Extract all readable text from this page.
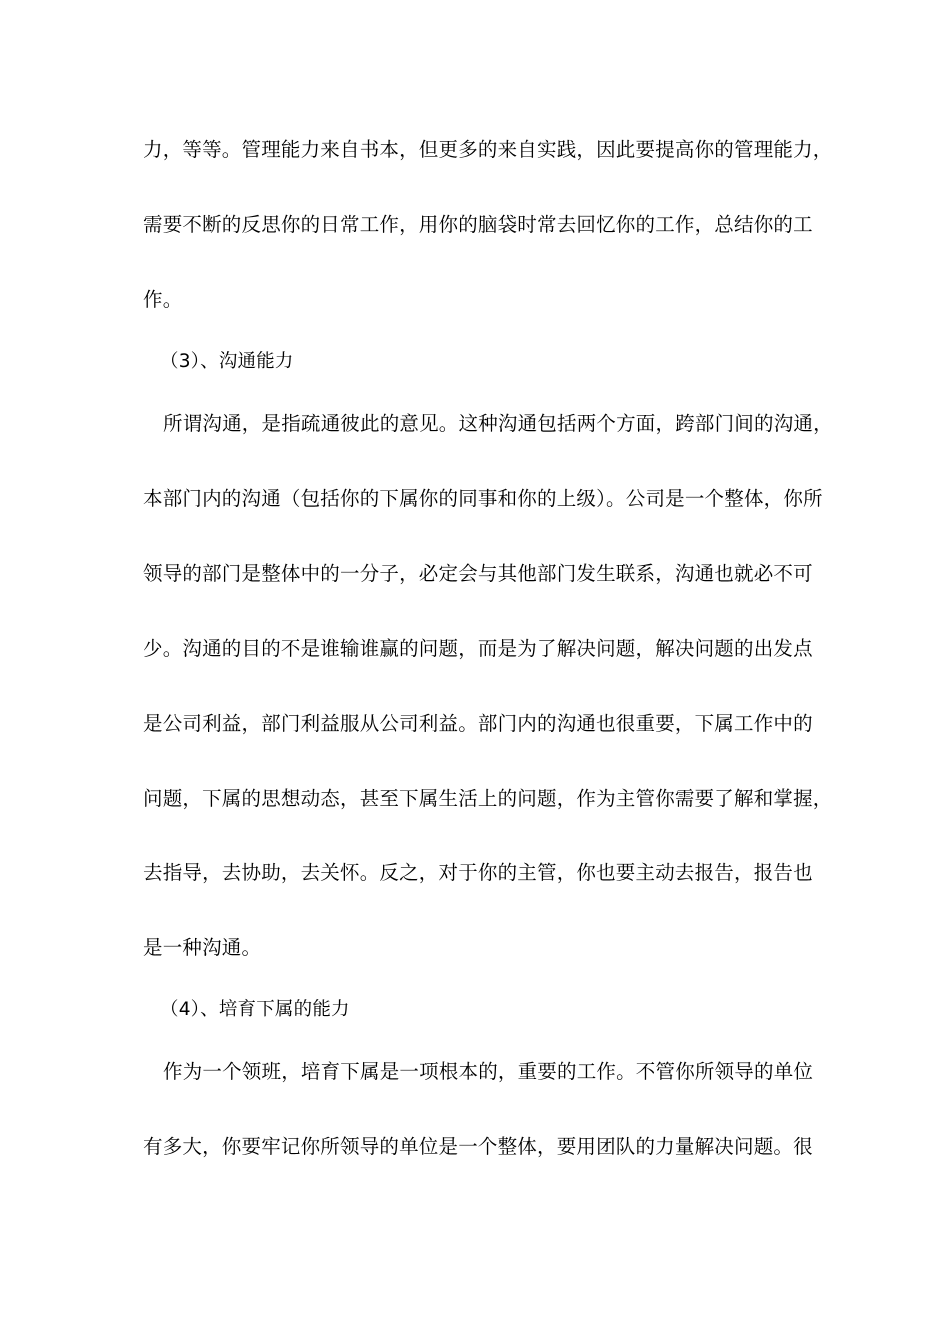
力，等等。管理能力来自书本，但更多的来自实践，因此要提高你的管理能力，
需要不断的反思你的日常工作，用你的脑袋时常去回忆你的工作，总结你的工
作。
（3）、沟通能力
所谓沟通，是指疏通彼此的意见。这种沟通包括两个方面，跨部门间的沟通，
本部门内的沟通（包括你的下属你的同事和你的上级）。公司是一个整体，你所
领导的部门是整体中的一分子，必定会与其他部门发生联系，沟通也就必不可
少。沟通的目的不是谁输谁赢的问题，而是为了解决问题，解决问题的出发点
是公司利益，部门利益服从公司利益。部门内的沟通也很重要，下属工作中的
问题，下属的思想动态，甚至下属生活上的问题，作为主管你需要了解和掌握，
去指导，去协助，去关怀。反之，对于你的主管，你也要主动去报告，报告也
是一种沟通。
（4）、培育下属的能力
作为一个领班，培育下属是一项根本的，重要的工作。不管你所领导的单位
有多大，你要牢记你所领导的单位是一个整体，要用团队的力量解决问题。很
